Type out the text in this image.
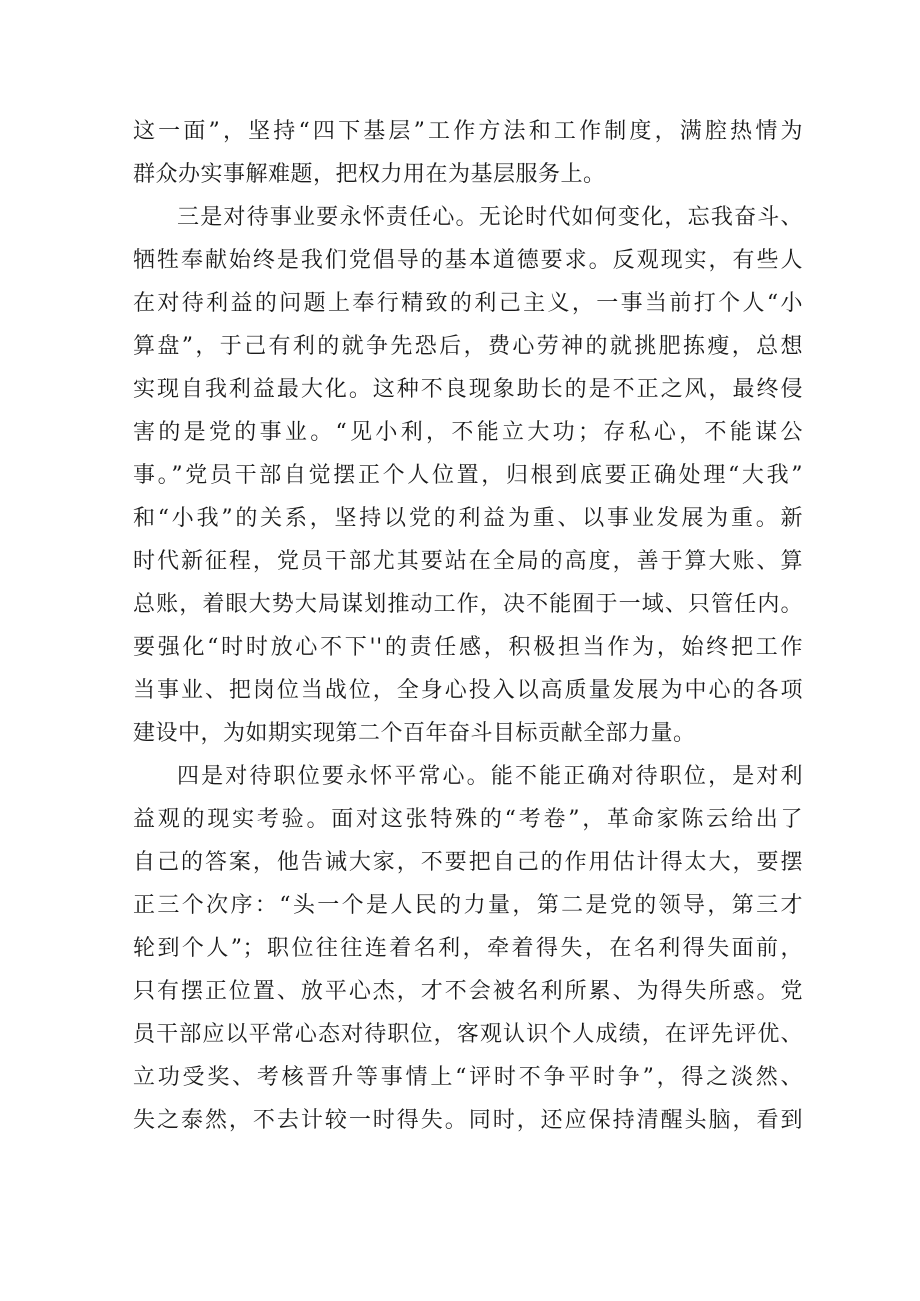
这一面”，坚持“四下基层”工作方法和工作制度，满腔热情为
群众办实事解难题，把权力用在为基层服务上。
三是对待事业要永怀责任心。无论时代如何变化，忘我奋斗、
牺牲奉献始终是我们党倡导的基本道德要求。反观现实，有些人
在对待利益的问题上奉行精致的利己主义，一事当前打个人“小
算盘”，于己有利的就争先恐后，费心劳神的就挑肥拣瘦，总想
实现自我利益最大化。这种不良现象助长的是不正之风，最终侵
害的是党的事业。“见小利，不能立大功；存私心，不能谋公
事。”党员干部自觉摆正个人位置，归根到底要正确处理“大我”
和“小我”的关系，坚持以党的利益为重、以事业发展为重。新
时代新征程，党员干部尤其要站在全局的高度，善于算大账、算
总账，着眼大势大局谋划推动工作，决不能囿于一域、只管任内。
要强化“时时放心不下''的责任感，积极担当作为，始终把工作
当事业、把岗位当战位，全身心投入以高质量发展为中心的各项
建设中，为如期实现第二个百年奋斗目标贡献全部力量。
四是对待职位要永怀平常心。能不能正确对待职位，是对利
益观的现实考验。面对这张特殊的“考卷”，革命家陈云给出了
自己的答案，他告诫大家，不要把自己的作用估计得太大，要摆
正三个次序：“头一个是人民的力量，第二是党的领导，第三才
轮到个人”；职位往往连着名利，牵着得失，在名利得失面前，
只有摆正位置、放平心杰，才不会被名利所累、为得失所惑。党
员干部应以平常心态对待职位，客观认识个人成绩，在评先评优、
立功受奖、考核晋升等事情上“评时不争平时争”，得之淡然、
失之泰然，不去计较一时得失。同时，还应保持清醒头脑，看到
